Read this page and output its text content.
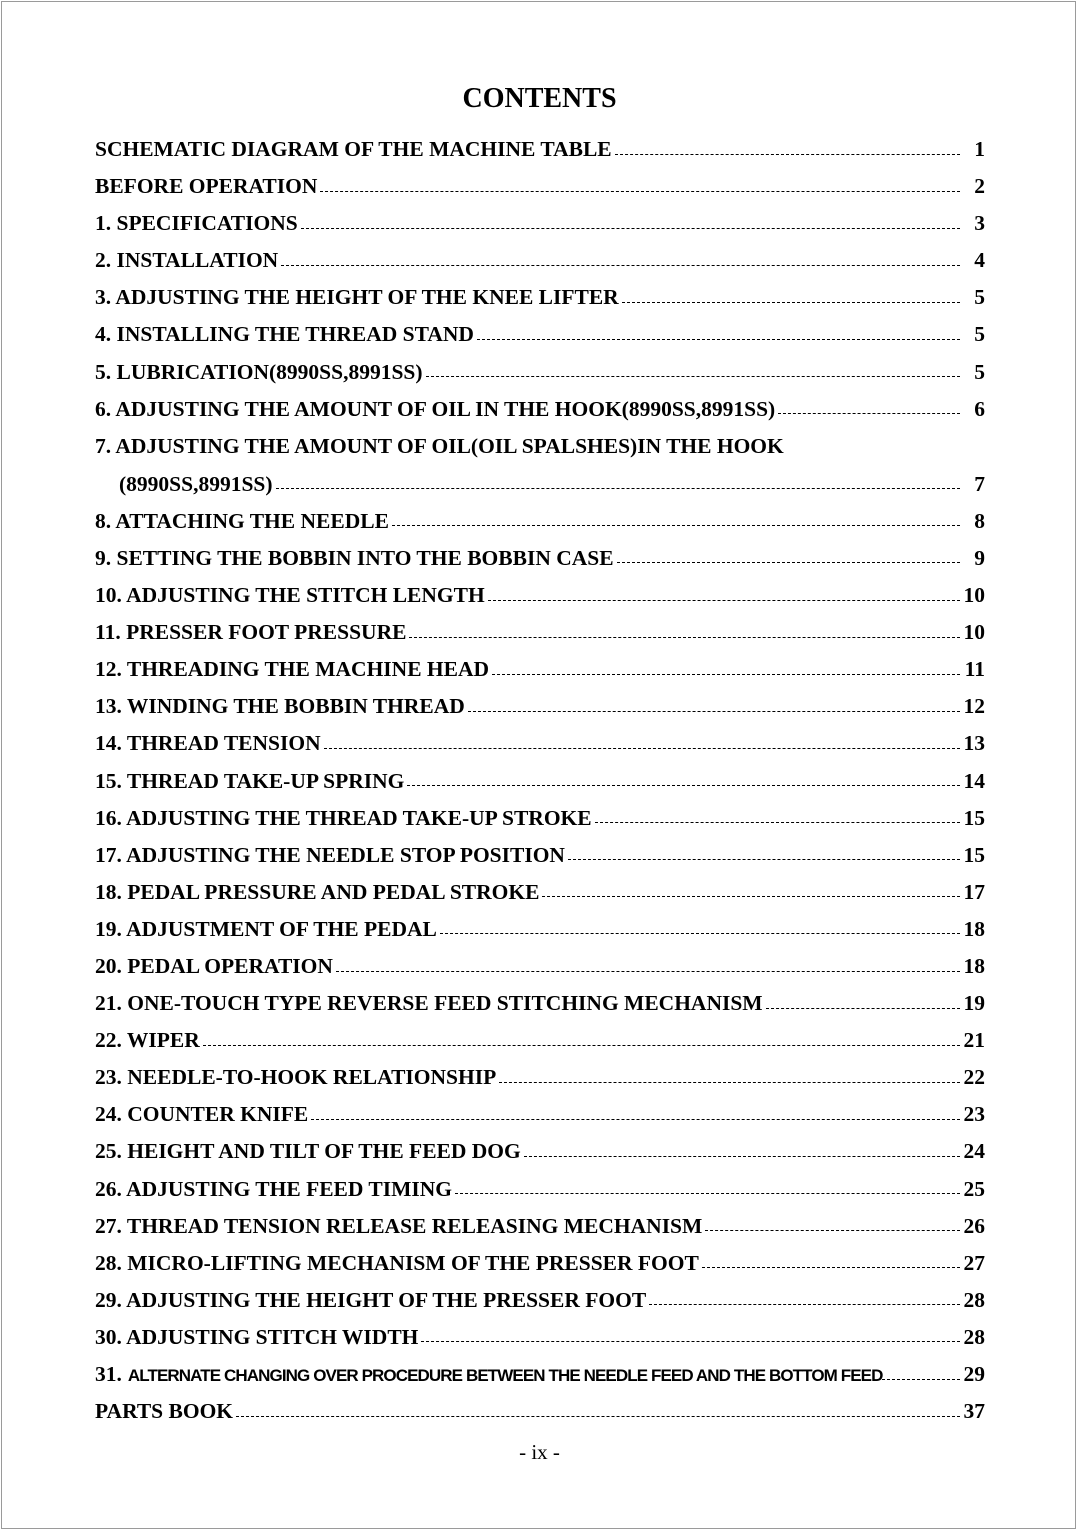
CONTENTS
SCHEMATIC DIAGRAM OF THE MACHINE TABLE	1
BEFORE OPERATION	2
1. SPECIFICATIONS	3
2. INSTALLATION	4
3. ADJUSTING THE HEIGHT OF THE KNEE LIFTER	5
4. INSTALLING THE THREAD STAND	5
5. LUBRICATION(8990SS,8991SS)	5
6. ADJUSTING THE AMOUNT OF OIL IN THE HOOK(8990SS,8991SS)	6
7. ADJUSTING THE AMOUNT OF OIL(OIL SPALSHES)IN THE HOOK
(8990SS,8991SS)	7
8. ATTACHING THE NEEDLE	8
9. SETTING THE BOBBIN INTO THE BOBBIN CASE	9
10. ADJUSTING THE STITCH LENGTH	10
11. PRESSER FOOT PRESSURE	10
12. THREADING THE MACHINE HEAD	11
13. WINDING THE BOBBIN THREAD	12
14. THREAD TENSION	13
15. THREAD TAKE-UP SPRING	14
16. ADJUSTING THE THREAD TAKE-UP STROKE	15
17. ADJUSTING THE NEEDLE STOP POSITION	15
18. PEDAL PRESSURE AND PEDAL STROKE	17
19. ADJUSTMENT OF THE PEDAL	18
20. PEDAL OPERATION	18
21. ONE-TOUCH TYPE REVERSE FEED STITCHING MECHANISM	19
22. WIPER	21
23. NEEDLE-TO-HOOK RELATIONSHIP	22
24. COUNTER KNIFE	23
25. HEIGHT AND TILT OF THE FEED DOG	24
26. ADJUSTING THE FEED TIMING	25
27. THREAD TENSION RELEASE RELEASING MECHANISM	26
28. MICRO-LIFTING MECHANISM OF THE PRESSER FOOT	27
29. ADJUSTING THE HEIGHT OF THE PRESSER FOOT	28
30. ADJUSTING STITCH WIDTH	28
31. ALTERNATE CHANGING OVER PROCEDURE BETWEEN THE NEEDLE FEED AND THE BOTTOM FEED	29
PARTS BOOK	37
- ix -
